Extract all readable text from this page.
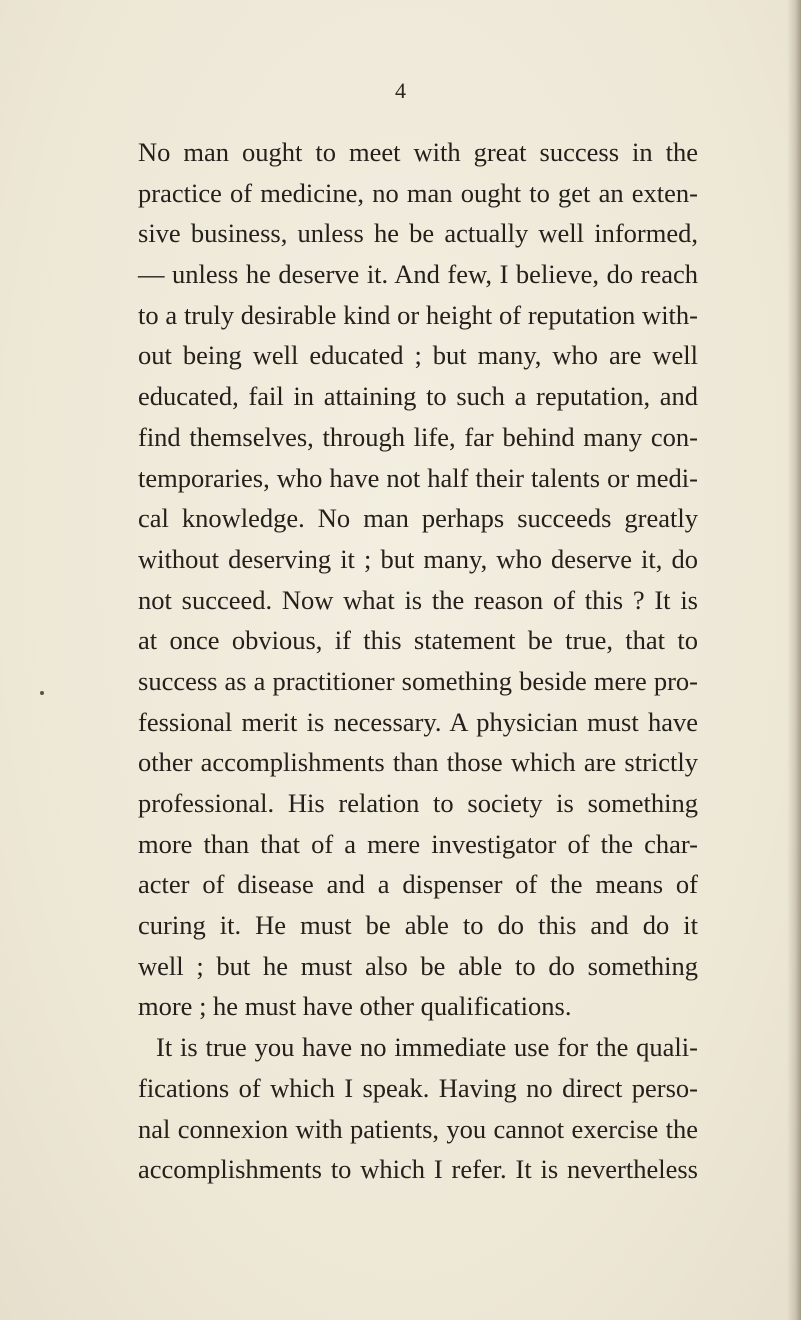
4

No man ought to meet with great success in the
practice of medicine, no man ought to get an exten-
sive business, unless he be actually well informed,
— unless he deserve it. And few, I believe, do reach
to a truly desirable kind or height of reputation with-
out being well educated ; but many, who are well
educated, fail in attaining to such a reputation, and
find themselves, through life, far behind many con-
temporaries, who have not half their talents or medi-
cal knowledge. No man perhaps succeeds greatly
without deserving it ; but many, who deserve it, do
not succeed. Now what is the reason of this ? It is
at once obvious, if this statement be true, that to
success as a practitioner something beside mere pro-
fessional merit is necessary. A physician must have
other accomplishments than those which are strictly
professional. His relation to society is something
more than that of a mere investigator of the char-
acter of disease and a dispenser of the means of
curing it. He must be able to do this and do it
well ; but he must also be able to do something
more ; he must have other qualifications.
It is true you have no immediate use for the quali-
fications of which I speak. Having no direct perso-
nal connexion with patients, you cannot exercise the
accomplishments to which I refer. It is nevertheless
